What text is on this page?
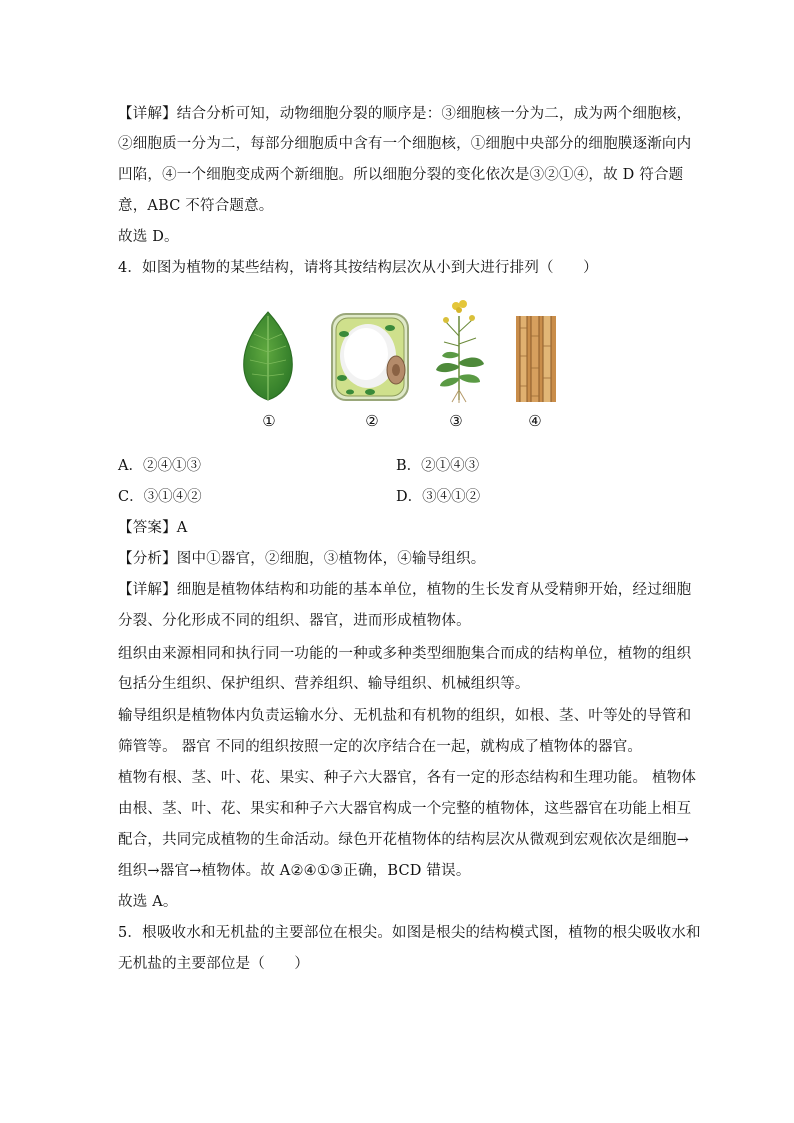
【详解】结合分析可知，动物细胞分裂的顺序是：③细胞核一分为二，成为两个细胞核，
②细胞质一分为二，每部分细胞质中含有一个细胞核，①细胞中央部分的细胞膜逐渐向内
凹陷，④一个细胞变成两个新细胞。所以细胞分裂的变化依次是③②①④，故 D 符合题
意，ABC 不符合题意。
故选 D。
4．如图为植物的某些结构，请将其按结构层次从小到大进行排列（　　）
①	②	③	④
A．②④①③	B．②①④③
C．③①④②	D．③④①②
【答案】A
【分析】图中①器官，②细胞，③植物体，④输导组织。
【详解】细胞是植物体结构和功能的基本单位，植物的生长发育从受精卵开始，经过细胞
分裂、分化形成不同的组织、器官，进而形成植物体。
组织由来源相同和执行同一功能的一种或多种类型细胞集合而成的结构单位，植物的组织
包括分生组织、保护组织、营养组织、输导组织、机械组织等。
输导组织是植物体内负责运输水分、无机盐和有机物的组织，如根、茎、叶等处的导管和
筛管等。 器官 不同的组织按照一定的次序结合在一起，就构成了植物体的器官。
植物有根、茎、叶、花、果实、种子六大器官，各有一定的形态结构和生理功能。 植物体
由根、茎、叶、花、果实和种子六大器官构成一个完整的植物体，这些器官在功能上相互
配合，共同完成植物的生命活动。绿色开花植物体的结构层次从微观到宏观依次是细胞→
组织→器官→植物体。故 A②④①③正确，BCD 错误。
故选 A。
5．根吸收水和无机盐的主要部位在根尖。如图是根尖的结构模式图，植物的根尖吸收水和
无机盐的主要部位是（　　）
